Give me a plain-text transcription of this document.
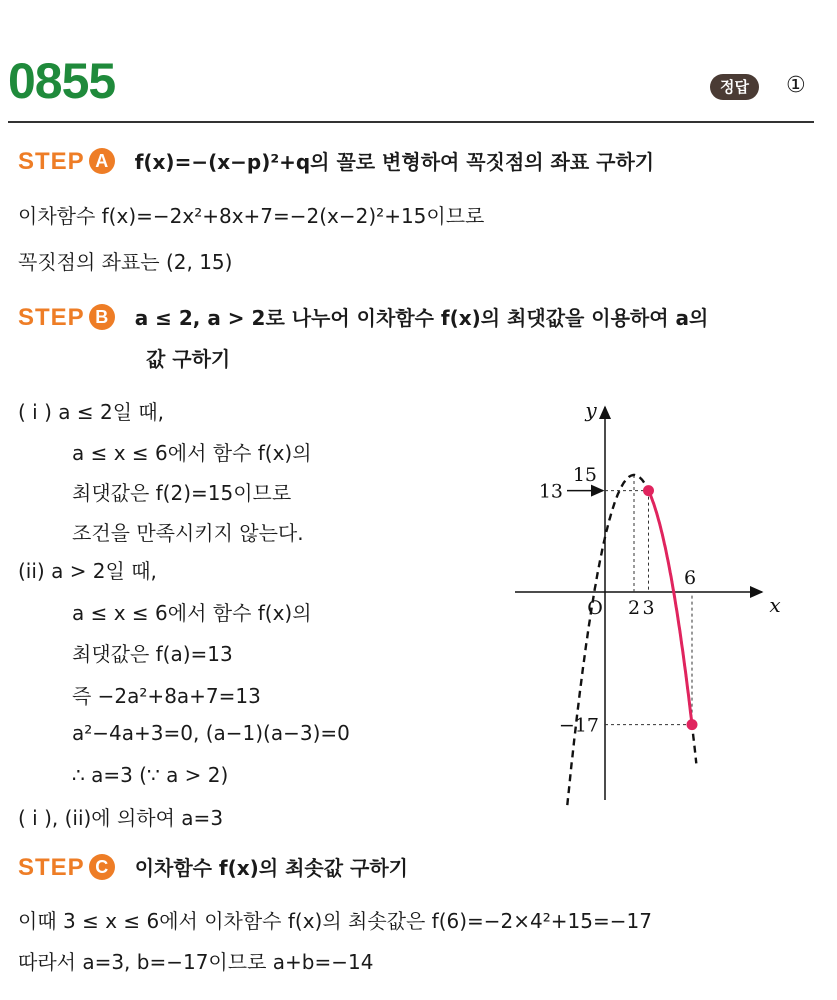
0855	정답	①
STEP A f(x)=−(x−p)²+q의 꼴로 변형하여 꼭짓점의 좌표 구하기
이차함수 f(x)=−2x²+8x+7=−2(x−2)²+15이므로
꼭짓점의 좌표는 (2, 15)
STEP B a ≤ 2, a > 2로 나누어 이차함수 f(x)의 최댓값을 이용하여 a의
값 구하기
( i ) a ≤ 2일 때,
a ≤ x ≤ 6에서 함수 f(x)의
최댓값은 f(2)=15이므로
조건을 만족시키지 않는다.
(ii) a > 2일 때,
a ≤ x ≤ 6에서 함수 f(x)의
최댓값은 f(a)=13
즉 −2a²+8a+7=13
a²−4a+3=0, (a−1)(a−3)=0
∴ a=3 (∵ a > 2)
( i ), (ii)에 의하여 a=3
y
x
O 2 3
6
15
13
−17
STEP C 이차함수 f(x)의 최솟값 구하기
이때 3 ≤ x ≤ 6에서 이차함수 f(x)의 최솟값은 f(6)=−2×4²+15=−17
따라서 a=3, b=−17이므로 a+b=−14
